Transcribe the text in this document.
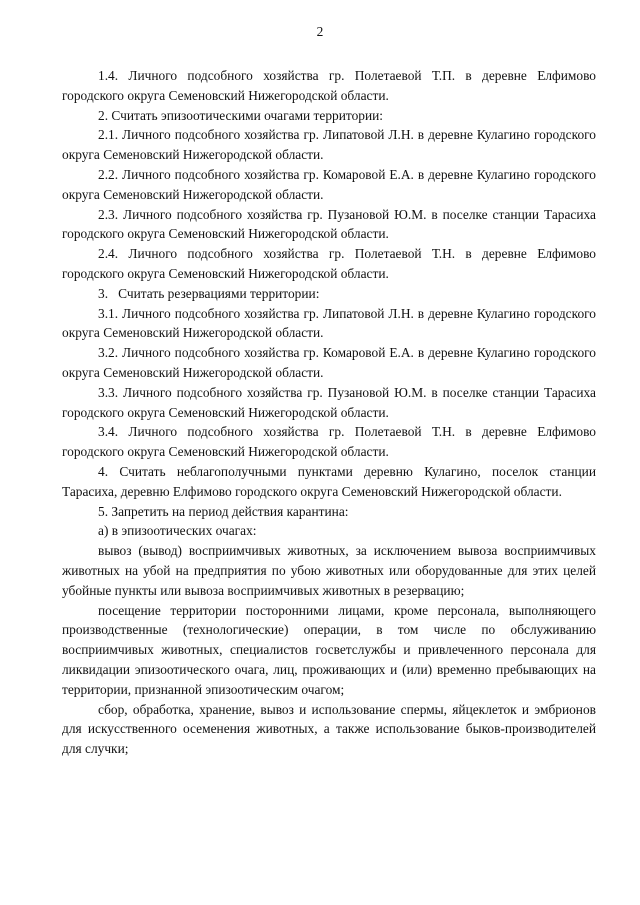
2

1.4. Личного подсобного хозяйства гр. Полетаевой Т.П. в деревне Елфимово городского округа Семеновский Нижегородской области.

2. Считать эпизоотическими очагами территории:

2.1. Личного подсобного хозяйства гр. Липатовой Л.Н. в деревне Кулагино городского округа Семеновский Нижегородской области.

2.2. Личного подсобного хозяйства гр. Комаровой Е.А. в деревне Кулагино городского округа Семеновский Нижегородской области.

2.3. Личного подсобного хозяйства гр. Пузановой Ю.М. в поселке станции Тарасиха городского округа Семеновский Нижегородской области.

2.4. Личного подсобного хозяйства гр. Полетаевой Т.Н. в деревне Елфимово городского округа Семеновский Нижегородской области.

3.   Считать резервациями территории:

3.1. Личного подсобного хозяйства гр. Липатовой Л.Н. в деревне Кулагино городского округа Семеновский Нижегородской области.

3.2. Личного подсобного хозяйства гр. Комаровой Е.А. в деревне Кулагино городского округа Семеновский Нижегородской области.

3.3. Личного подсобного хозяйства гр. Пузановой Ю.М. в поселке станции Тарасиха городского округа Семеновский Нижегородской области.

3.4. Личного подсобного хозяйства гр. Полетаевой Т.Н. в деревне Елфимово городского округа Семеновский Нижегородской области.

4. Считать неблагополучными пунктами деревню Кулагино, поселок станции Тарасиха, деревню Елфимово городского округа Семеновский Нижегородской области.

5. Запретить на период действия карантина:

а) в эпизоотических очагах:

вывоз (вывод) восприимчивых животных, за исключением вывоза восприимчивых животных на убой на предприятия по убою животных или оборудованные для этих целей убойные пункты или вывоза восприимчивых животных в резервацию;

посещение территории посторонними лицами, кроме персонала, выполняющего производственные (технологические) операции, в том числе по обслуживанию восприимчивых животных, специалистов госветслужбы и привлеченного персонала для ликвидации эпизоотического очага, лиц, проживающих и (или) временно пребывающих на территории, признанной эпизоотическим очагом;

сбор, обработка, хранение, вывоз и использование спермы, яйцеклеток и эмбрионов для искусственного осеменения животных, а также использование быков-производителей для случки;
